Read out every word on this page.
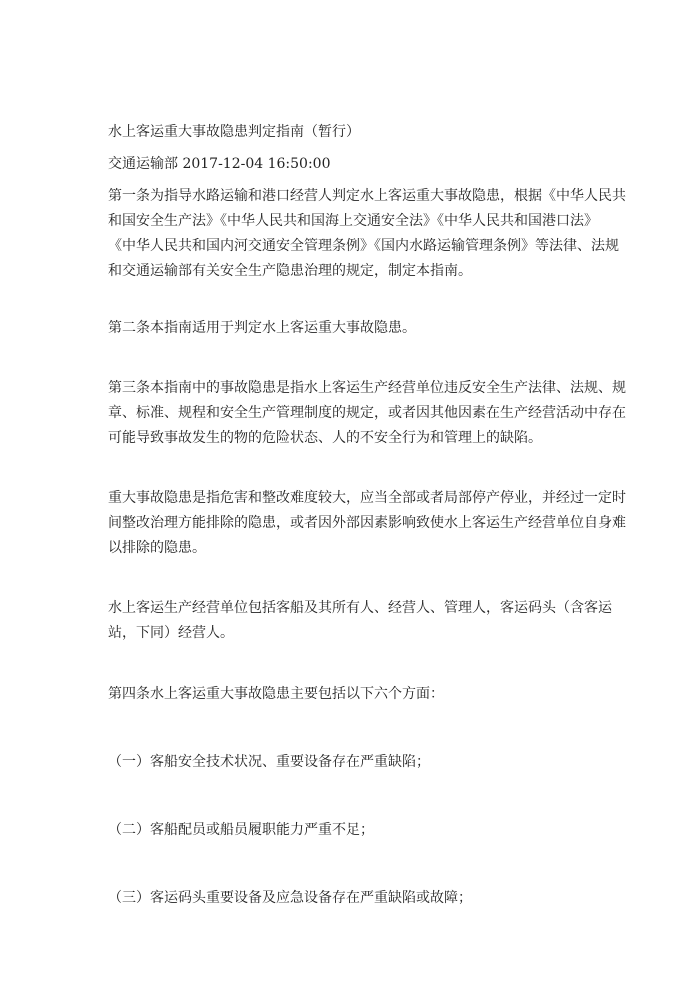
水上客运重大事故隐患判定指南（暂行）
交通运输部 2017-12-04 16:50:00
第一条为指导水路运输和港口经营人判定水上客运重大事故隐患，根据《中华人民共
和国安全生产法》《中华人民共和国海上交通安全法》《中华人民共和国港口法》
《中华人民共和国内河交通安全管理条例》《国内水路运输管理条例》等法律、法规
和交通运输部有关安全生产隐患治理的规定，制定本指南。
第二条本指南适用于判定水上客运重大事故隐患。
第三条本指南中的事故隐患是指水上客运生产经营单位违反安全生产法律、法规、规
章、标准、规程和安全生产管理制度的规定，或者因其他因素在生产经营活动中存在
可能导致事故发生的物的危险状态、人的不安全行为和管理上的缺陷。
重大事故隐患是指危害和整改难度较大，应当全部或者局部停产停业，并经过一定时
间整改治理方能排除的隐患，或者因外部因素影响致使水上客运生产经营单位自身难
以排除的隐患。
水上客运生产经营单位包括客船及其所有人、经营人、管理人，客运码头（含客运
站，下同）经营人。
第四条水上客运重大事故隐患主要包括以下六个方面：
（一）客船安全技术状况、重要设备存在严重缺陷；
（二）客船配员或船员履职能力严重不足；
（三）客运码头重要设备及应急设备存在严重缺陷或故障；
